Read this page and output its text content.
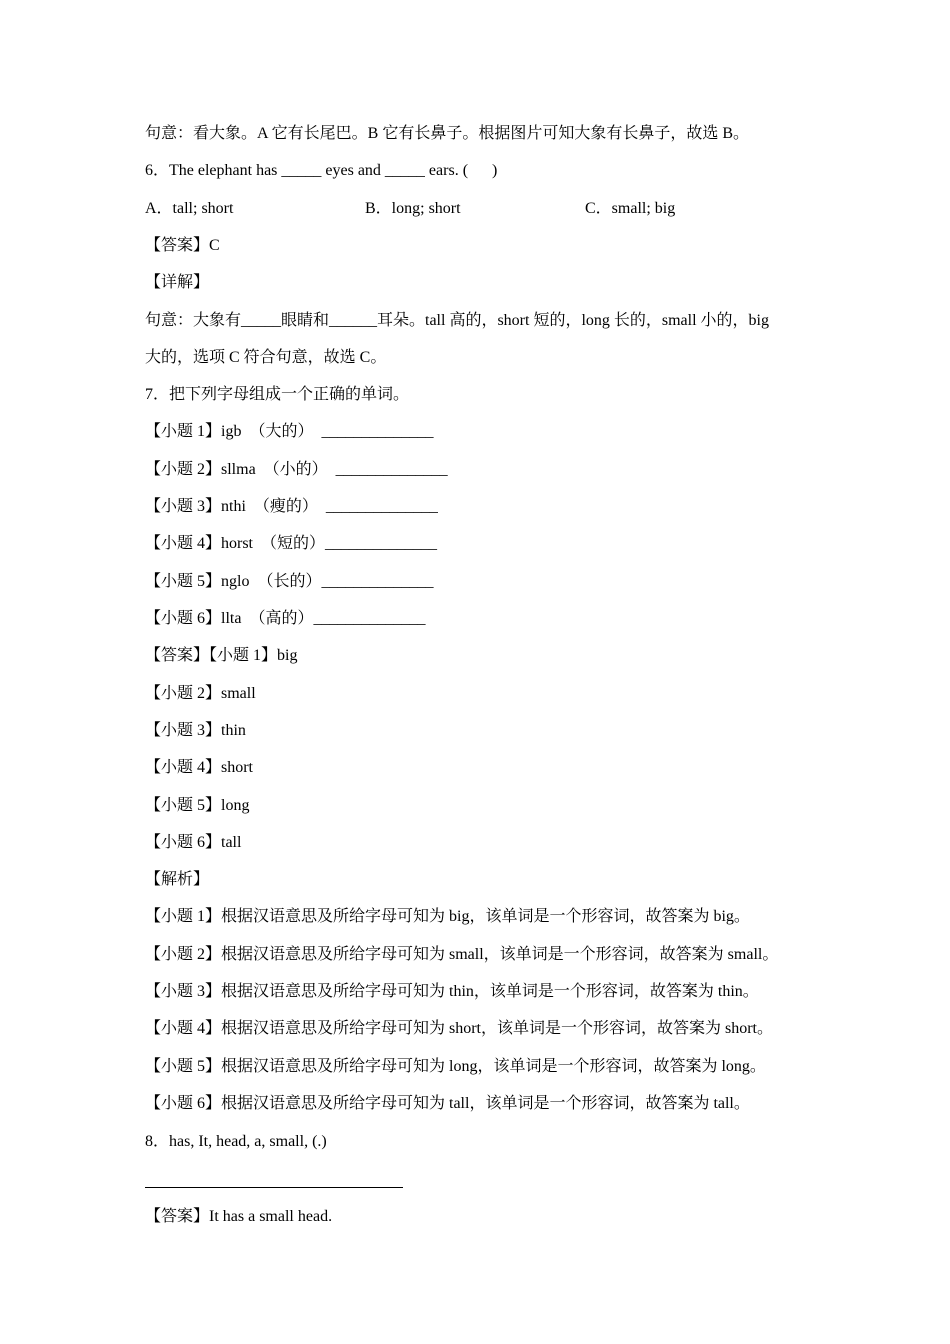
句意：看大象。A 它有长尾巴。B 它有长鼻子。根据图片可知大象有长鼻子，故选 B。
6．The elephant has _____ eyes and _____ ears. (      )
A．tall; short	B．long; short	C．small; big
【答案】C
【详解】
句意：大象有_____眼睛和______耳朵。tall 高的，short 短的，long 长的，small 小的，big
大的，选项 C 符合句意，故选 C。
7．把下列字母组成一个正确的单词。
【小题 1】igb  （大的）  ______________
【小题 2】sllma  （小的）  ______________
【小题 3】nthi  （瘦的）  ______________
【小题 4】horst  （短的）______________
【小题 5】nglo  （长的）______________
【小题 6】llta  （高的）______________
【答案】【小题 1】big
【小题 2】small
【小题 3】thin
【小题 4】short
【小题 5】long
【小题 6】tall
【解析】
【小题 1】根据汉语意思及所给字母可知为 big，该单词是一个形容词，故答案为 big。
【小题 2】根据汉语意思及所给字母可知为 small，该单词是一个形容词，故答案为 small。
【小题 3】根据汉语意思及所给字母可知为 thin，该单词是一个形容词，故答案为 thin。
【小题 4】根据汉语意思及所给字母可知为 short，该单词是一个形容词，故答案为 short。
【小题 5】根据汉语意思及所给字母可知为 long，该单词是一个形容词，故答案为 long。
【小题 6】根据汉语意思及所给字母可知为 tall，该单词是一个形容词，故答案为 tall。
8．has, It, head, a, small, (.)
【答案】It has a small head.
